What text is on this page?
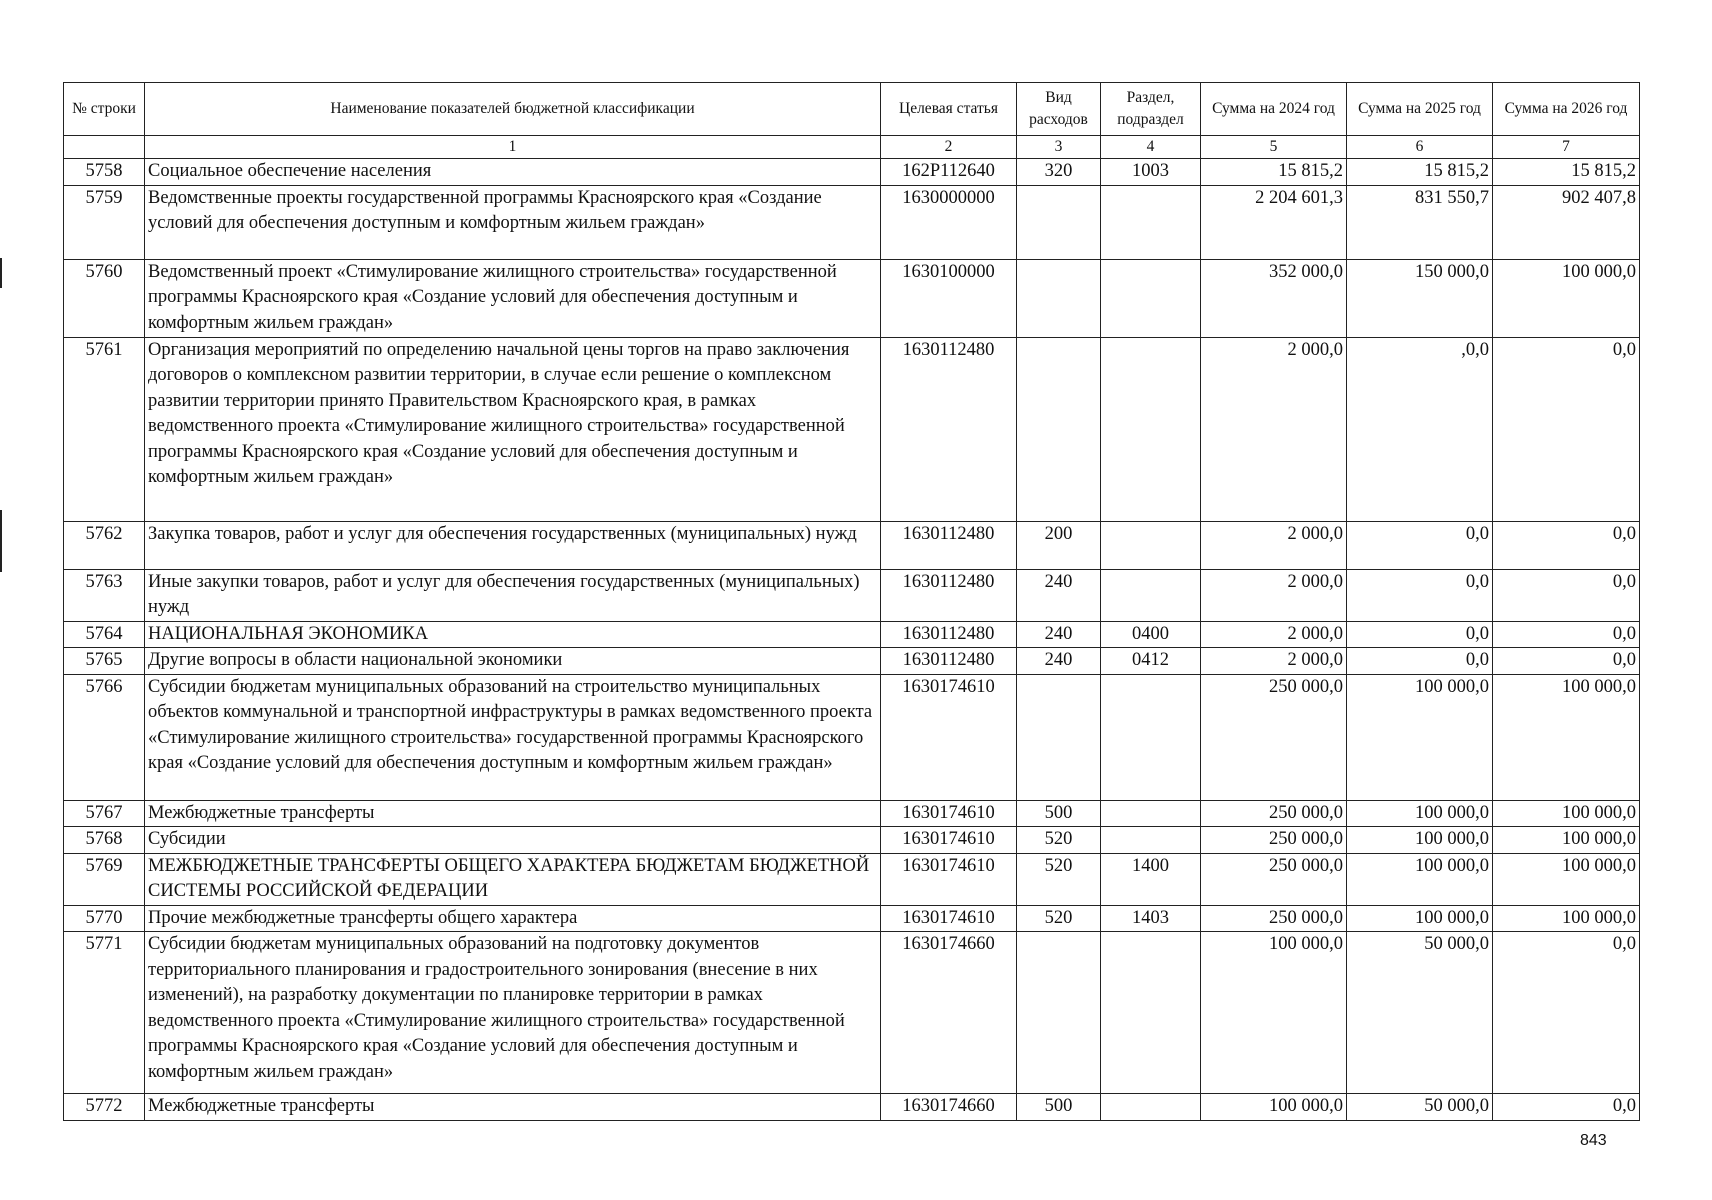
№ строки	Наименование показателей бюджетной классификации	Целевая статья	Вид расходов	Раздел, подраздел	Сумма на 2024 год	Сумма на 2025 год	Сумма на 2026 год
	1	2	3	4	5	6	7
5758	Социальное обеспечение населения	162Р112640	320	1003	15 815,2	15 815,2	15 815,2
5759	Ведомственные проекты государственной программы Красноярского края «Создание условий для обеспечения доступным и комфортным жильем граждан»	1630000000			2 204 601,3	831 550,7	902 407,8
5760	Ведомственный проект «Стимулирование жилищного строительства» государственной программы Красноярского края «Создание условий для обеспечения доступным и комфортным жильем граждан»	1630100000			352 000,0	150 000,0	100 000,0
5761	Организация мероприятий по определению начальной цены торгов на право заключения договоров о комплексном развитии территории, в случае если решение о комплексном развитии территории принято Правительством Красноярского края, в рамках ведомственного проекта «Стимулирование жилищного строительства» государственной программы Красноярского края «Создание условий для обеспечения доступным и комфортным жильем граждан»	1630112480			2 000,0	,0,0	0,0
5762	Закупка товаров, работ и услуг для обеспечения государственных (муниципальных) нужд	1630112480	200		2 000,0	0,0	0,0
5763	Иные закупки товаров, работ и услуг для обеспечения государственных (муниципальных) нужд	1630112480	240		2 000,0	0,0	0,0
5764	НАЦИОНАЛЬНАЯ ЭКОНОМИКА	1630112480	240	0400	2 000,0	0,0	0,0
5765	Другие вопросы в области национальной экономики	1630112480	240	0412	2 000,0	0,0	0,0
5766	Субсидии бюджетам муниципальных образований на строительство муниципальных объектов коммунальной и транспортной инфраструктуры в рамках ведомственного проекта «Стимулирование жилищного строительства» государственной программы Красноярского края «Создание условий для обеспечения доступным и комфортным жильем граждан»	1630174610			250 000,0	100 000,0	100 000,0
5767	Межбюджетные трансферты	1630174610	500		250 000,0	100 000,0	100 000,0
5768	Субсидии	1630174610	520		250 000,0	100 000,0	100 000,0
5769	МЕЖБЮДЖЕТНЫЕ ТРАНСФЕРТЫ ОБЩЕГО ХАРАКТЕРА БЮДЖЕТАМ БЮДЖЕТНОЙ СИСТЕМЫ РОССИЙСКОЙ ФЕДЕРАЦИИ	1630174610	520	1400	250 000,0	100 000,0	100 000,0
5770	Прочие межбюджетные трансферты общего характера	1630174610	520	1403	250 000,0	100 000,0	100 000,0
5771	Субсидии бюджетам муниципальных образований на подготовку документов территориального планирования и градостроительного зонирования (внесение в них изменений), на разработку документации по планировке территории в рамках ведомственного проекта «Стимулирование жилищного строительства» государственной программы Красноярского края «Создание условий для обеспечения доступным и комфортным жильем граждан»	1630174660			100 000,0	50 000,0	0,0
5772	Межбюджетные трансферты	1630174660	500		100 000,0	50 000,0	0,0
843
